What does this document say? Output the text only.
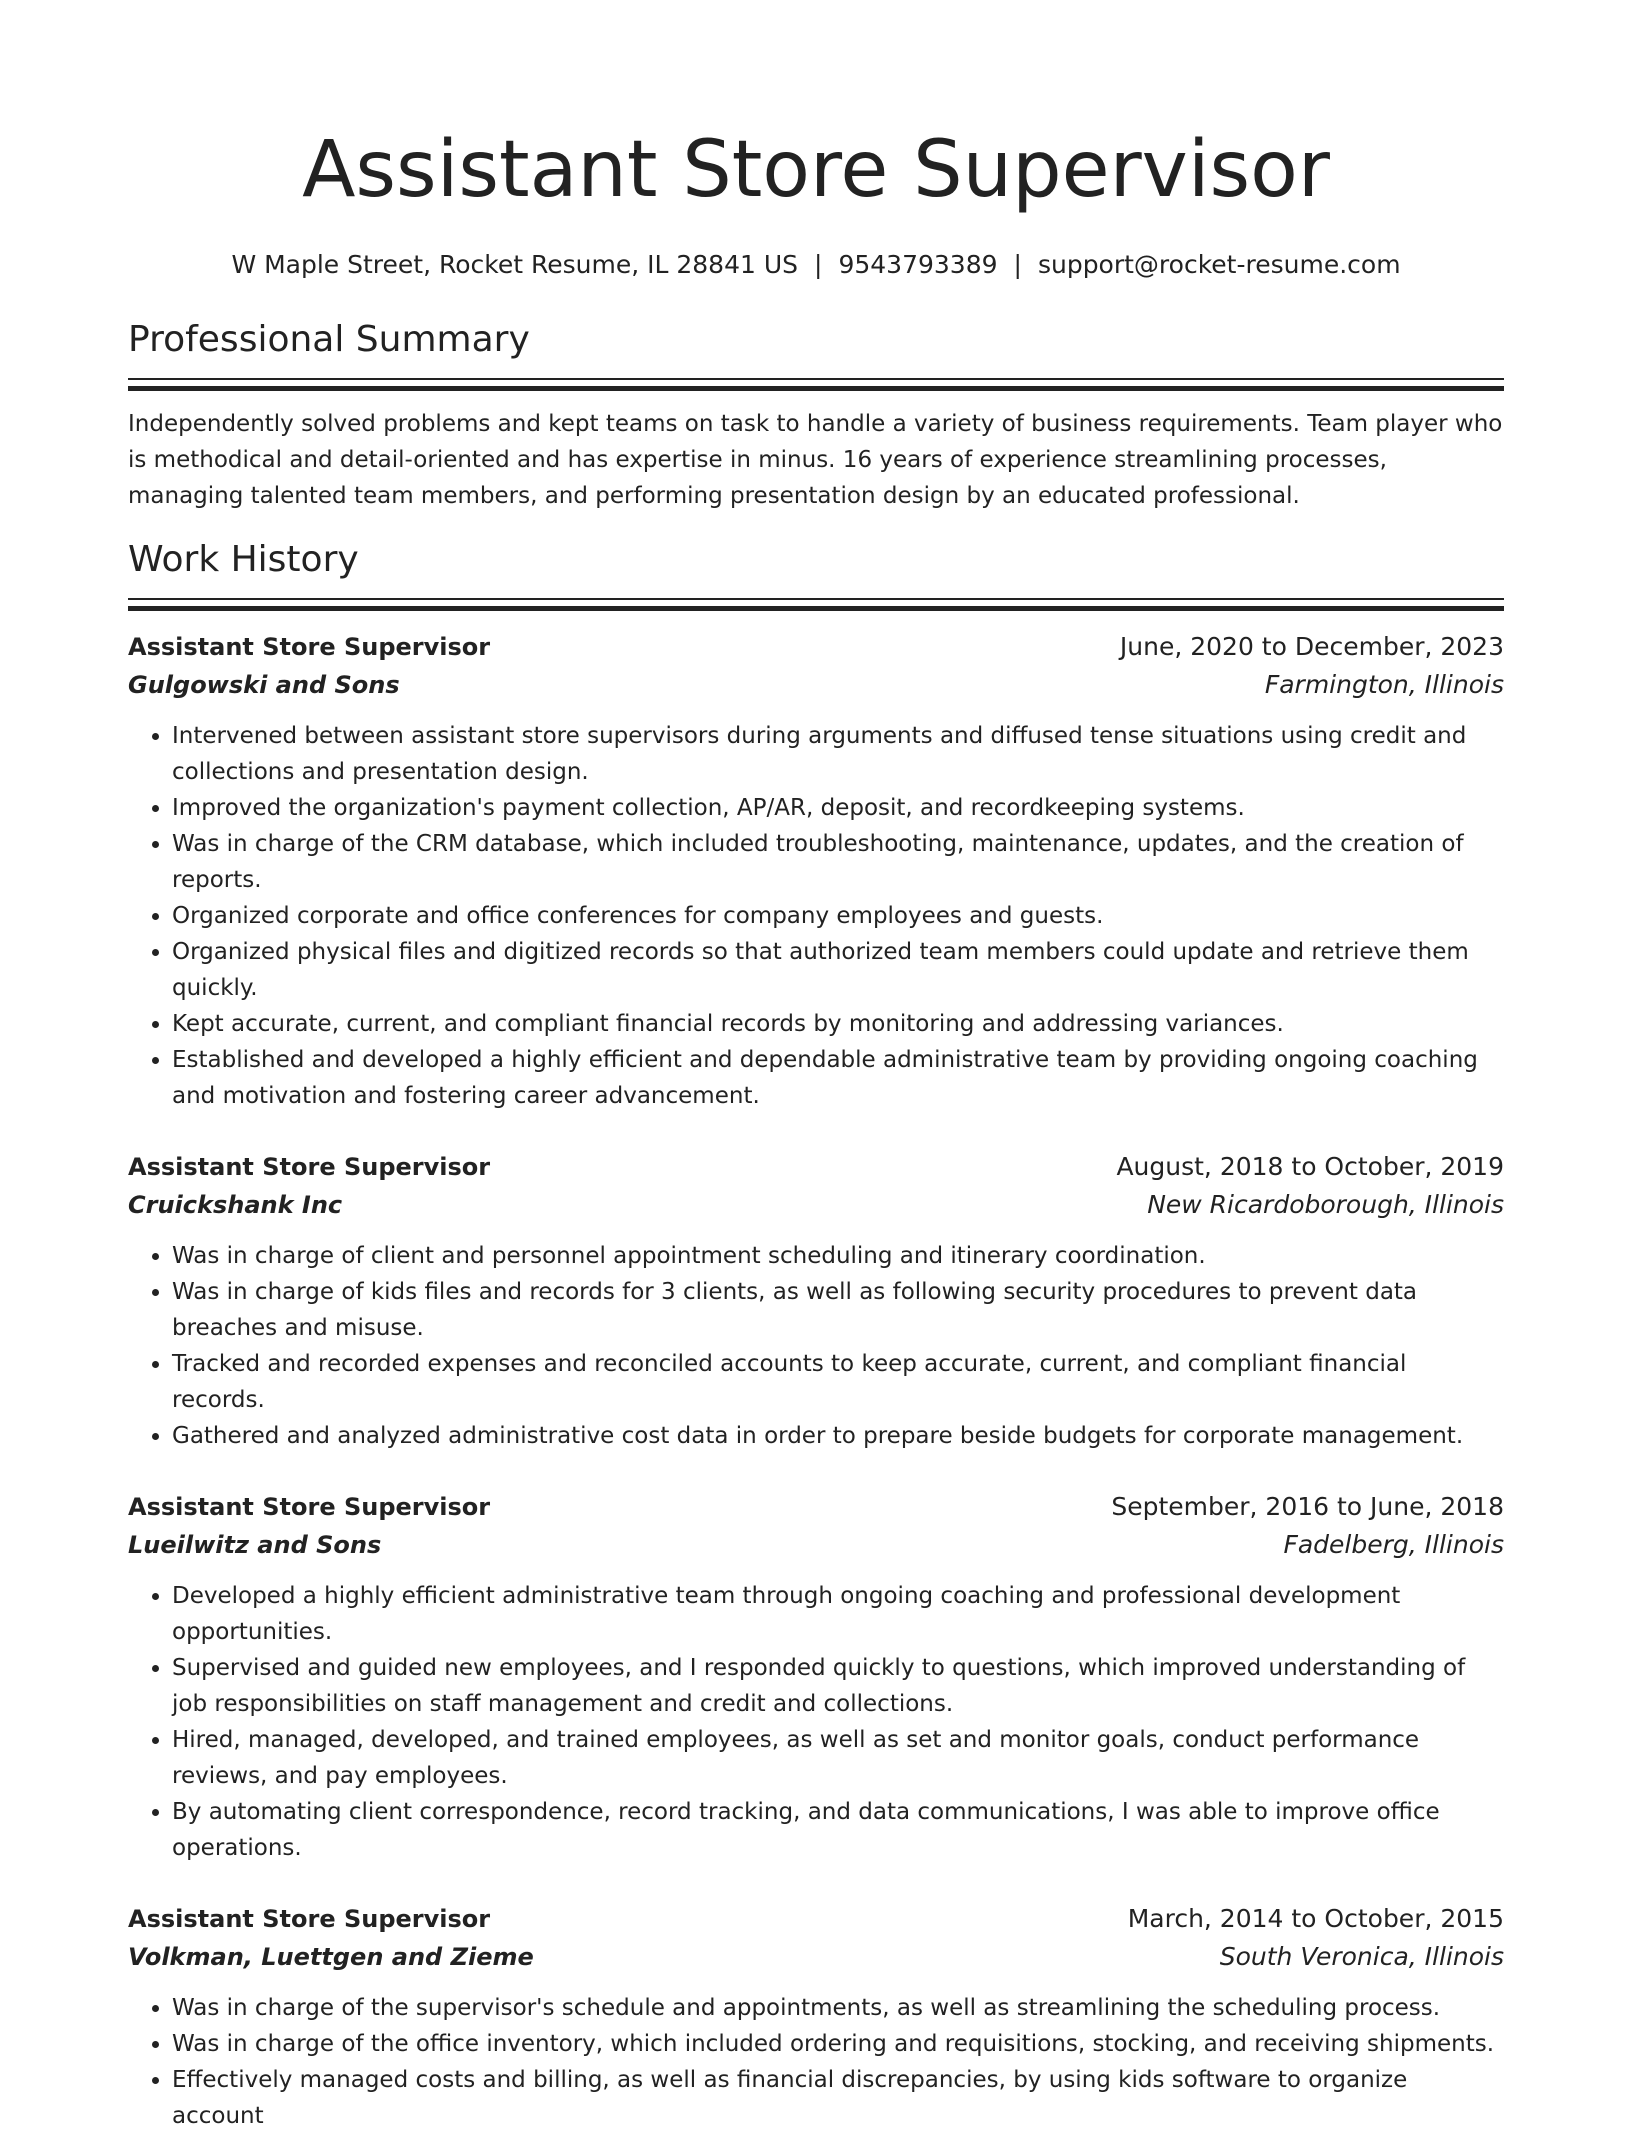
Assistant Store Supervisor
W Maple Street, Rocket Resume, IL 28841 US | 9543793389 | support@rocket-resume.com
Professional Summary

Independently solved problems and kept teams on task to handle a variety of business requirements. Team player who is methodical and detail-oriented and has expertise in minus. 16 years of experience streamlining processes, managing talented team members, and performing presentation design by an educated professional.

Work History
Assistant Store Supervisor	June, 2020 to December, 2023
Gulgowski and Sons	Farmington, Illinois
• Intervened between assistant store supervisors during arguments and diffused tense situations using credit and collections and presentation design.
• Improved the organization's payment collection, AP/AR, deposit, and recordkeeping systems.
• Was in charge of the CRM database, which included troubleshooting, maintenance, updates, and the creation of reports.
• Organized corporate and office conferences for company employees and guests.
• Organized physical files and digitized records so that authorized team members could update and retrieve them quickly.
• Kept accurate, current, and compliant financial records by monitoring and addressing variances.
• Established and developed a highly efficient and dependable administrative team by providing ongoing coaching and motivation and fostering career advancement.
Assistant Store Supervisor	August, 2018 to October, 2019
Cruickshank Inc	New Ricardoborough, Illinois
• Was in charge of client and personnel appointment scheduling and itinerary coordination.
• Was in charge of kids files and records for 3 clients, as well as following security procedures to prevent data breaches and misuse.
• Tracked and recorded expenses and reconciled accounts to keep accurate, current, and compliant financial records.
• Gathered and analyzed administrative cost data in order to prepare beside budgets for corporate management.
Assistant Store Supervisor	September, 2016 to June, 2018
Lueilwitz and Sons	Fadelberg, Illinois
• Developed a highly efficient administrative team through ongoing coaching and professional development opportunities.
• Supervised and guided new employees, and I responded quickly to questions, which improved understanding of job responsibilities on staff management and credit and collections.
• Hired, managed, developed, and trained employees, as well as set and monitor goals, conduct performance reviews, and pay employees.
• By automating client correspondence, record tracking, and data communications, I was able to improve office operations.
Assistant Store Supervisor	March, 2014 to October, 2015
Volkman, Luettgen and Zieme	South Veronica, Illinois
• Was in charge of the supervisor's schedule and appointments, as well as streamlining the scheduling process.
• Was in charge of the office inventory, which included ordering and requisitions, stocking, and receiving shipments.
• Effectively managed costs and billing, as well as financial discrepancies, by using kids software to organize account
